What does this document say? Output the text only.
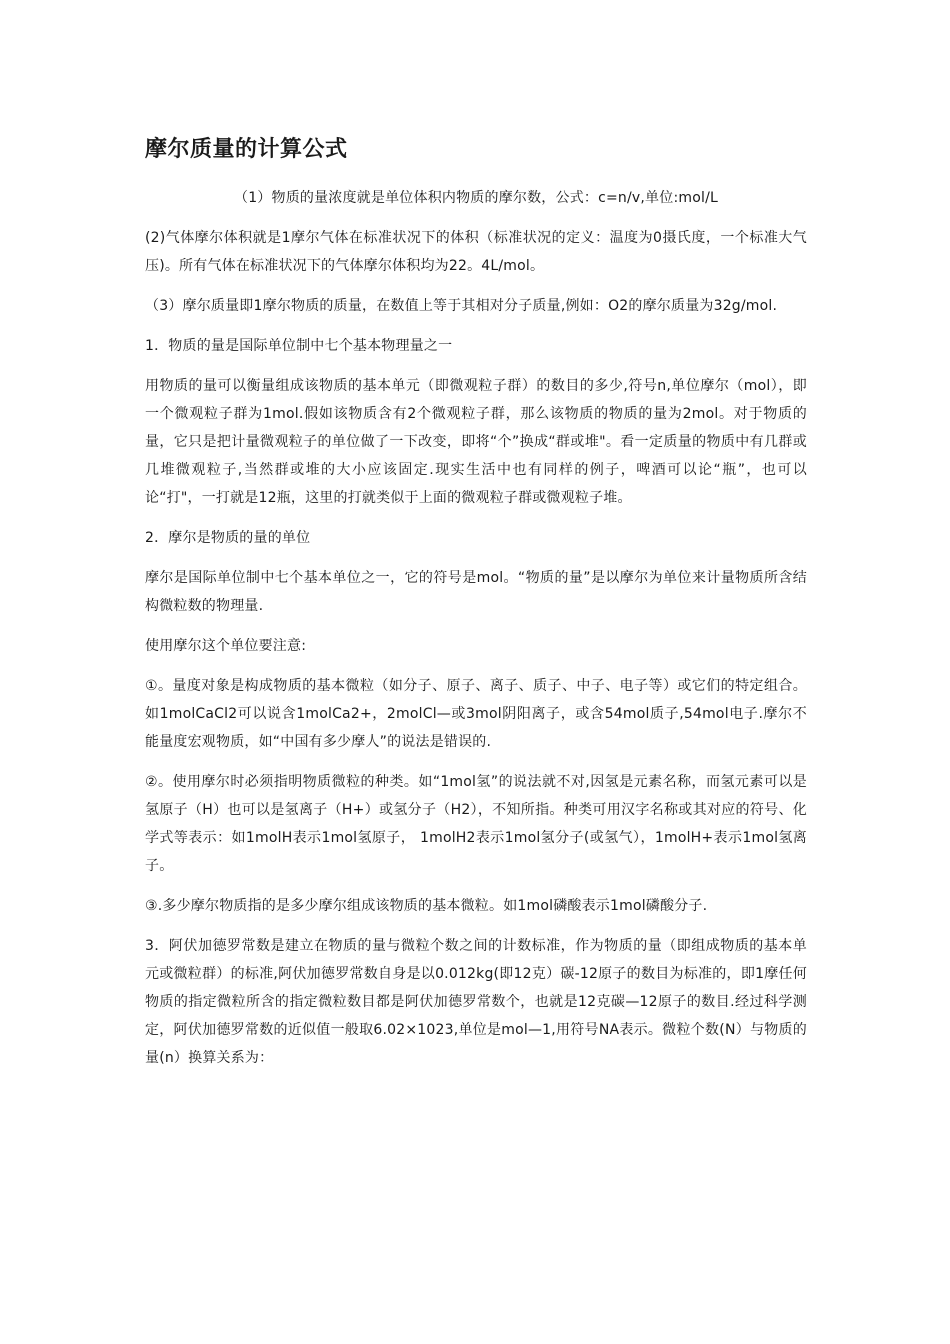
摩尔质量的计算公式

（1）物质的量浓度就是单位体积内物质的摩尔数，公式：c=n/v,单位:mol/L

(2)气体摩尔体积就是1摩尔气体在标准状况下的体积（标准状况的定义：温度为0摄氏度，一个标准大气压)。所有气体在标准状况下的气体摩尔体积均为22。4L/mol。

（3）摩尔质量即1摩尔物质的质量，在数值上等于其相对分子质量,例如：O2的摩尔质量为32g/mol.

1．物质的量是国际单位制中七个基本物理量之一

用物质的量可以衡量组成该物质的基本单元（即微观粒子群）的数目的多少,符号n,单位摩尔（mol），即一个微观粒子群为1mol.假如该物质含有2个微观粒子群，那么该物质的物质的量为2mol。对于物质的量，它只是把计量微观粒子的单位做了一下改变，即将“个”换成“群或堆"。看一定质量的物质中有几群或几堆微观粒子,当然群或堆的大小应该固定.现实生活中也有同样的例子，啤酒可以论“瓶”，也可以论“打"，一打就是12瓶，这里的打就类似于上面的微观粒子群或微观粒子堆。

2．摩尔是物质的量的单位

摩尔是国际单位制中七个基本单位之一，它的符号是mol。“物质的量”是以摩尔为单位来计量物质所含结构微粒数的物理量.

使用摩尔这个单位要注意:

①。量度对象是构成物质的基本微粒（如分子、原子、离子、质子、中子、电子等）或它们的特定组合。如1molCaCl2可以说含1molCa2+，2molCl—或3mol阴阳离子，或含54mol质子,54mol电子.摩尔不能量度宏观物质，如“中国有多少摩人”的说法是错误的.

②。使用摩尔时必须指明物质微粒的种类。如“1mol氢”的说法就不对,因氢是元素名称，而氢元素可以是氢原子（H）也可以是氢离子（H+）或氢分子（H2），不知所指。种类可用汉字名称或其对应的符号、化学式等表示：如1molH表示1mol氢原子， 1molH2表示1mol氢分子(或氢气），1molH+表示1mol氢离子。

③.多少摩尔物质指的是多少摩尔组成该物质的基本微粒。如1mol磷酸表示1mol磷酸分子.

3．阿伏加德罗常数是建立在物质的量与微粒个数之间的计数标准，作为物质的量（即组成物质的基本单元或微粒群）的标准,阿伏加德罗常数自身是以0.012kg(即12克）碳-12原子的数目为标准的，即1摩任何物质的指定微粒所含的指定微粒数目都是阿伏加德罗常数个，也就是12克碳—12原子的数目.经过科学测定，阿伏加德罗常数的近似值一般取6.02×1023,单位是mol—1,用符号NA表示。微粒个数(N）与物质的量(n）换算关系为：
